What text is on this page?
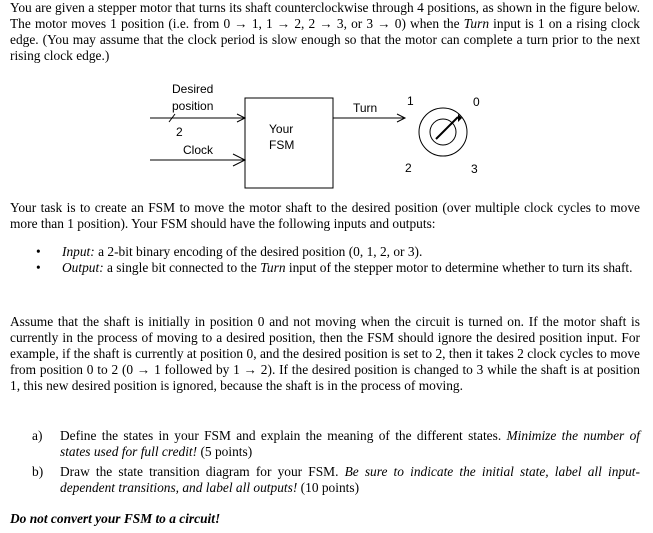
You are given a stepper motor that turns its shaft counterclockwise through 4 positions, as shown in the figure below. The motor moves 1 position (i.e. from 0 → 1, 1 → 2, 2 → 3, or 3 → 0) when the Turn input is 1 on a rising clock edge. (You may assume that the clock period is slow enough so that the motor can complete a turn prior to the next rising clock edge.)

Desired
position
2
Clock
Your
FSM
Turn 1	0
2	3

Your task is to create an FSM to move the motor shaft to the desired position (over multiple clock cycles to move more than 1 position). Your FSM should have the following inputs and outputs:

• Input: a 2-bit binary encoding of the desired position (0, 1, 2, or 3).
• Output: a single bit connected to the Turn input of the stepper motor to determine whether to turn its shaft.

Assume that the shaft is initially in position 0 and not moving when the circuit is turned on. If the motor shaft is currently in the process of moving to a desired position, then the FSM should ignore the desired position input. For example, if the shaft is currently at position 0, and the desired position is set to 2, then it takes 2 clock cycles to move from position 0 to 2 (0 → 1 followed by 1 → 2). If the desired position is changed to 3 while the shaft is at position 1, this new desired position is ignored, because the shaft is in the process of moving.

a) Define the states in your FSM and explain the meaning of the different states. Minimize the number of states used for full credit! (5 points)
b) Draw the state transition diagram for your FSM. Be sure to indicate the initial state, label all input-dependent transitions, and label all outputs! (10 points)

Do not convert your FSM to a circuit!
